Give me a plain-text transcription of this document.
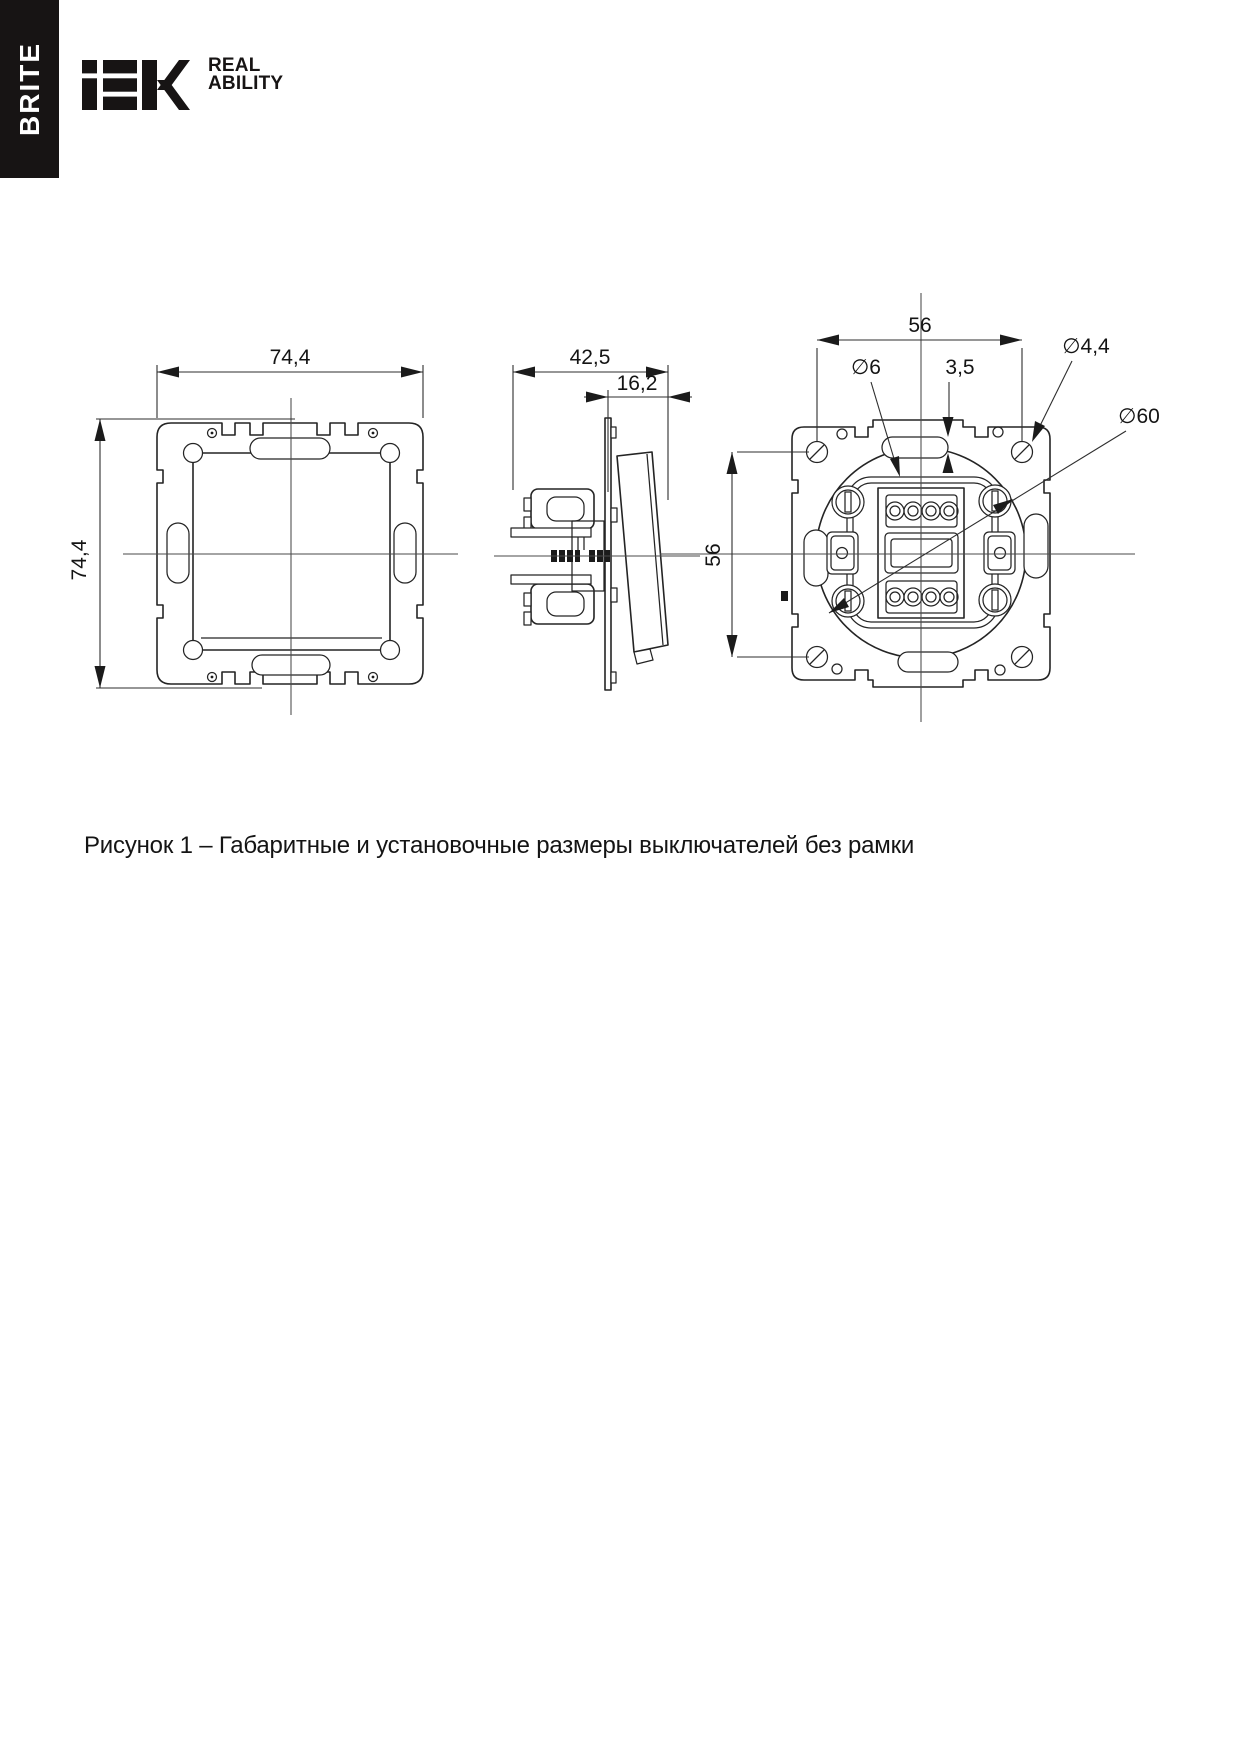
BRITE	REAL
ABILITY
74,4
74,4
42,5
16,2
56
56
∅6	3,5
∅4,4
∅60
Рисунок 1 – Габаритные и установочные размеры выключателей без рамки
